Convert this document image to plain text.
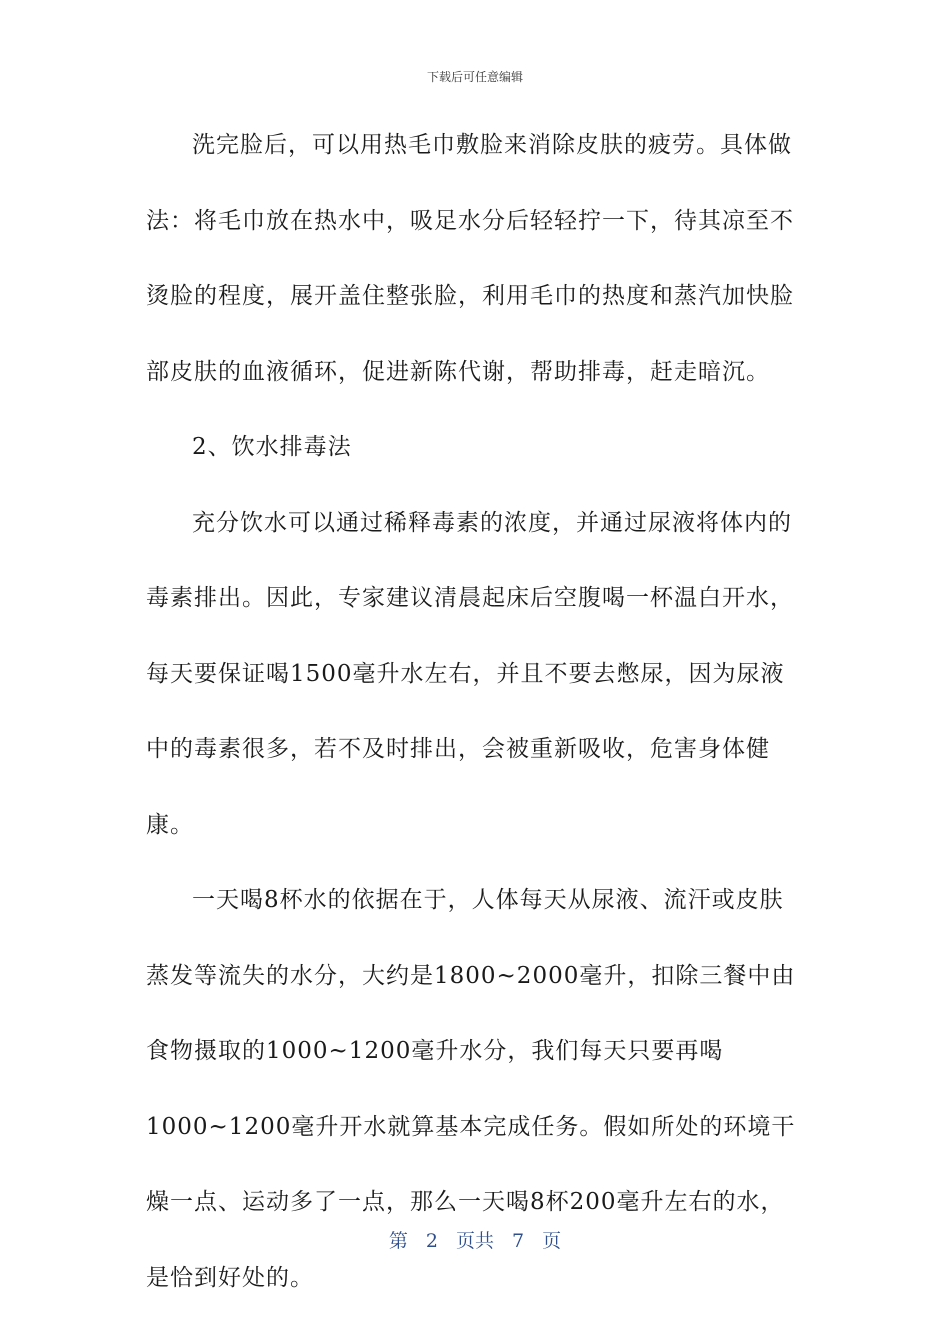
下载后可任意编辑

洗完脸后，可以用热毛巾敷脸来消除皮肤的疲劳。具体做法：将毛巾放在热水中，吸足水分后轻轻拧一下，待其凉至不烫脸的程度，展开盖住整张脸，利用毛巾的热度和蒸汽加快脸部皮肤的血液循环，促进新陈代谢，帮助排毒，赶走暗沉。

2、饮水排毒法

充分饮水可以通过稀释毒素的浓度，并通过尿液将体内的毒素排出。因此，专家建议清晨起床后空腹喝一杯温白开水，每天要保证喝1500毫升水左右，并且不要去憋尿，因为尿液中的毒素很多，若不及时排出，会被重新吸收，危害身体健康。

一天喝8杯水的依据在于，人体每天从尿液、流汗或皮肤蒸发等流失的水分，大约是1800~2000毫升，扣除三餐中由食物摄取的1000~1200毫升水分，我们每天只要再喝1000~1200毫升开水就算基本完成任务。假如所处的环境干燥一点、运动多了一点，那么一天喝8杯200毫升左右的水，是恰到好处的。

第 2 页共 7 页
